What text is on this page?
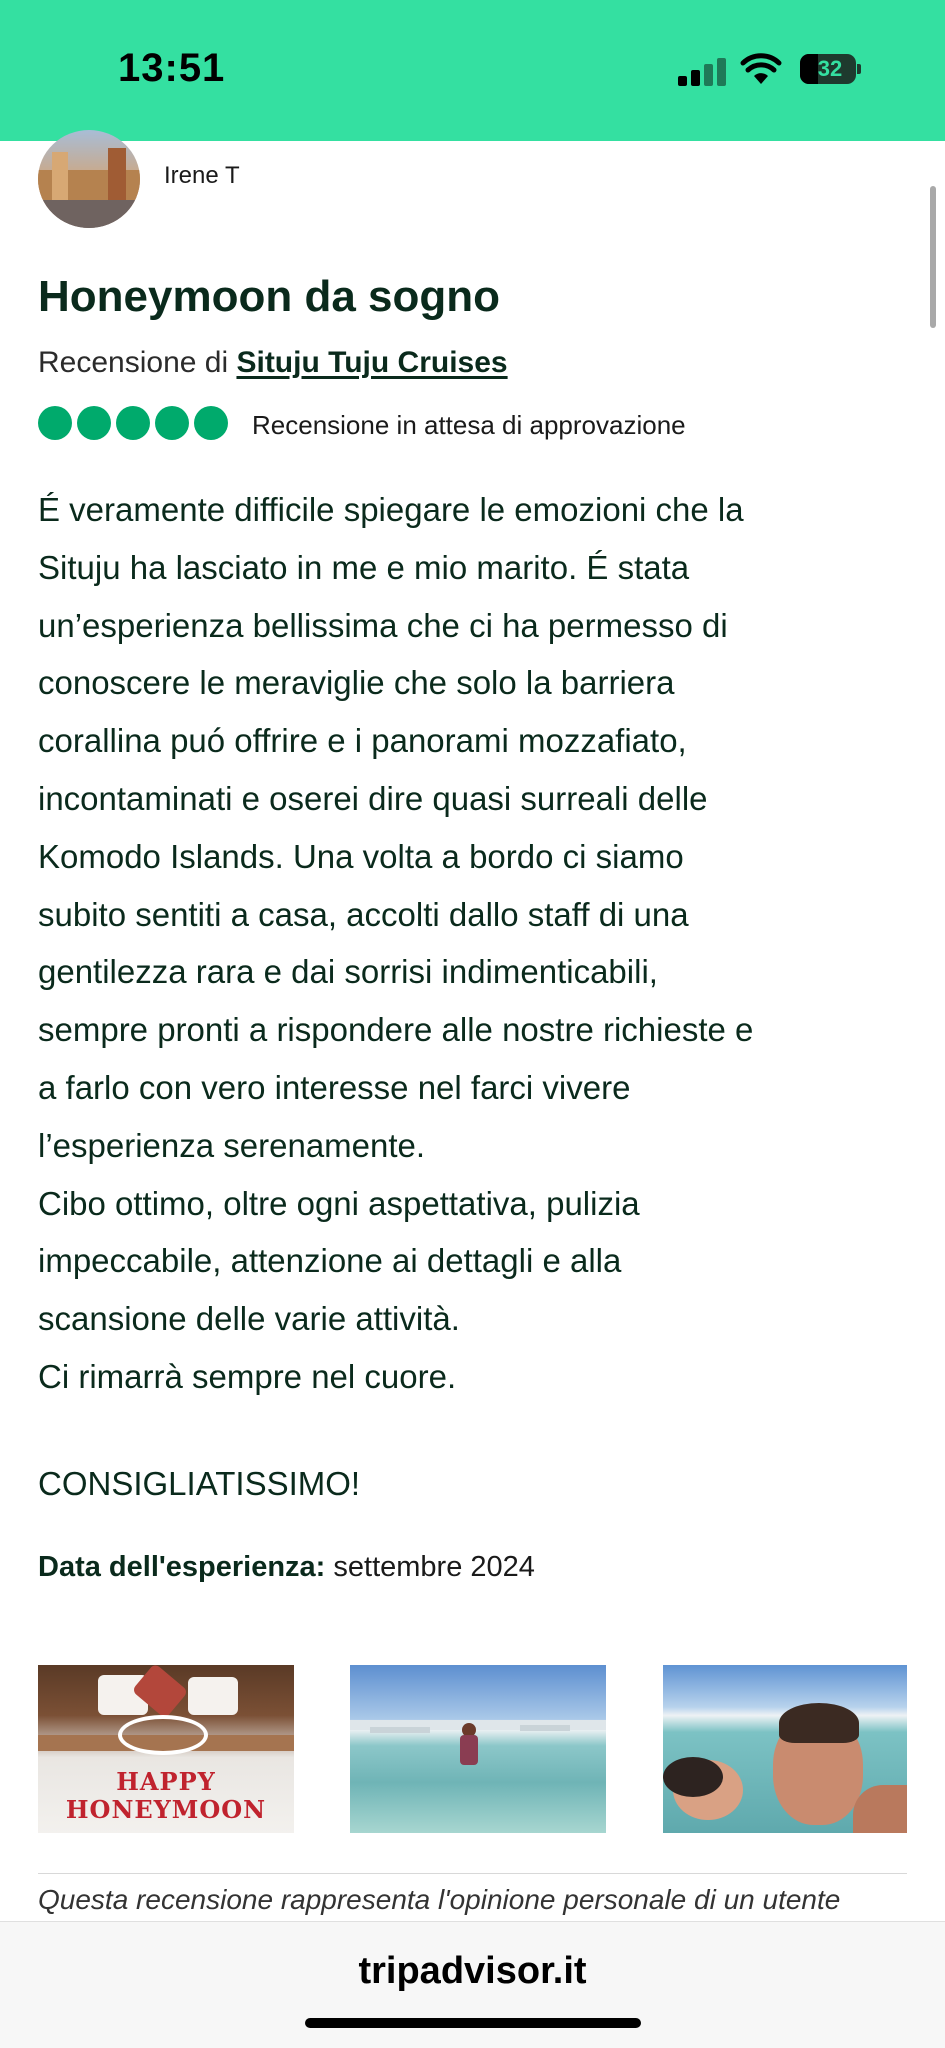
13:51	32
Irene T
Honeymoon da sogno
Recensione di Situju Tuju Cruises
Recensione in attesa di approvazione
É veramente difficile spiegare le emozioni che la
Situju ha lasciato in me e mio marito. É stata
un’esperienza bellissima che ci ha permesso di
conoscere le meraviglie che solo la barriera
corallina puó offrire e i panorami mozzafiato,
incontaminati e oserei dire quasi surreali delle
Komodo Islands. Una volta a bordo ci siamo
subito sentiti a casa, accolti dallo staff di una
gentilezza rara e dai sorrisi indimenticabili,
sempre pronti a rispondere alle nostre richieste e
a farlo con vero interesse nel farci vivere
l’esperienza serenamente.
Cibo ottimo, oltre ogni aspettativa, pulizia
impeccabile, attenzione ai dettagli e alla
scansione delle varie attività.
Ci rimarrà sempre nel cuore.
CONSIGLIATISSIMO!
Data dell'esperienza: settembre 2024
HAPPY
HONEYMOON
Questa recensione rappresenta l'opinione personale di un utente
tripadvisor.it
